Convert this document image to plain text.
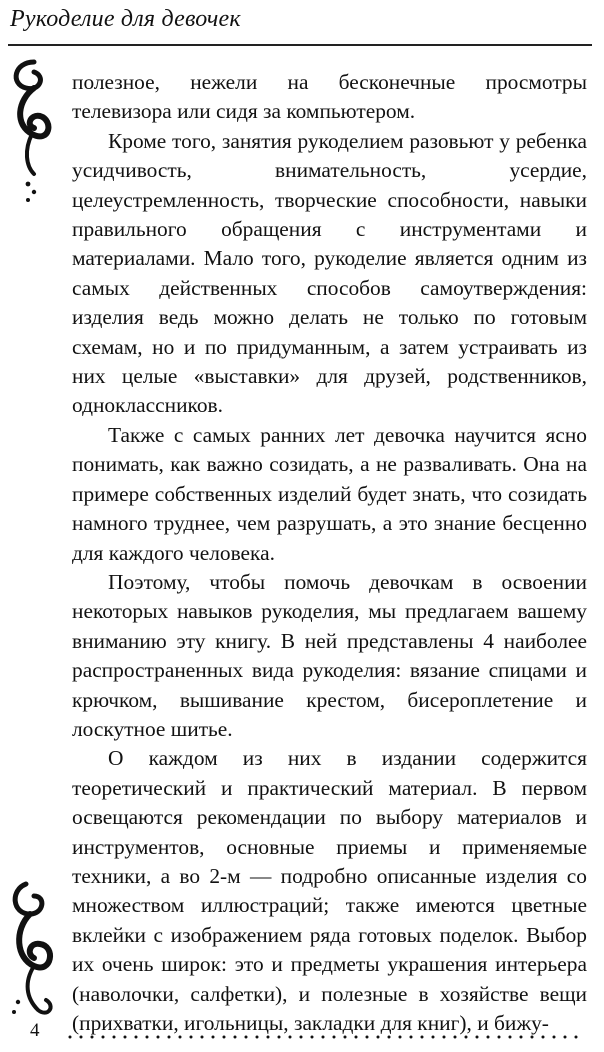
Рукоделие для девочек

полезное, нежели на бесконечные просмотры телевизора или сидя за компьютером.

Кроме того, занятия рукоделием разовьют у ребенка усидчивость, внимательность, усердие, целеустремленность, творческие способности, навыки правильного обращения с инструментами и материалами. Мало того, рукоделие является одним из самых действенных способов самоутверждения: изделия ведь можно делать не только по готовым схемам, но и по придуманным, а затем устраивать из них целые «выставки» для друзей, родственников, одноклассников.

Также с самых ранних лет девочка научится ясно понимать, как важно созидать, а не разваливать. Она на примере собственных изделий будет знать, что созидать намного труднее, чем разрушать, а это знание бесценно для каждого человека.

Поэтому, чтобы помочь девочкам в освоении некоторых навыков рукоделия, мы предлагаем вашему вниманию эту книгу. В ней представлены 4 наиболее распространенных вида рукоделия: вязание спицами и крючком, вышивание крестом, бисероплетение и лоскутное шитье.

О каждом из них в издании содержится теоретический и практический материал. В первом освещаются рекомендации по выбору материалов и инструментов, основные приемы и применяемые техники, а во 2-м — подробно описанные изделия со множеством иллюстраций; также имеются цветные вклейки с изображением ряда готовых поделок. Выбор их очень широк: это и предметы украшения интерьера (наволочки, салфетки), и полезные в хозяйстве вещи (прихватки, игольницы, закладки для книг), и бижу-

4
